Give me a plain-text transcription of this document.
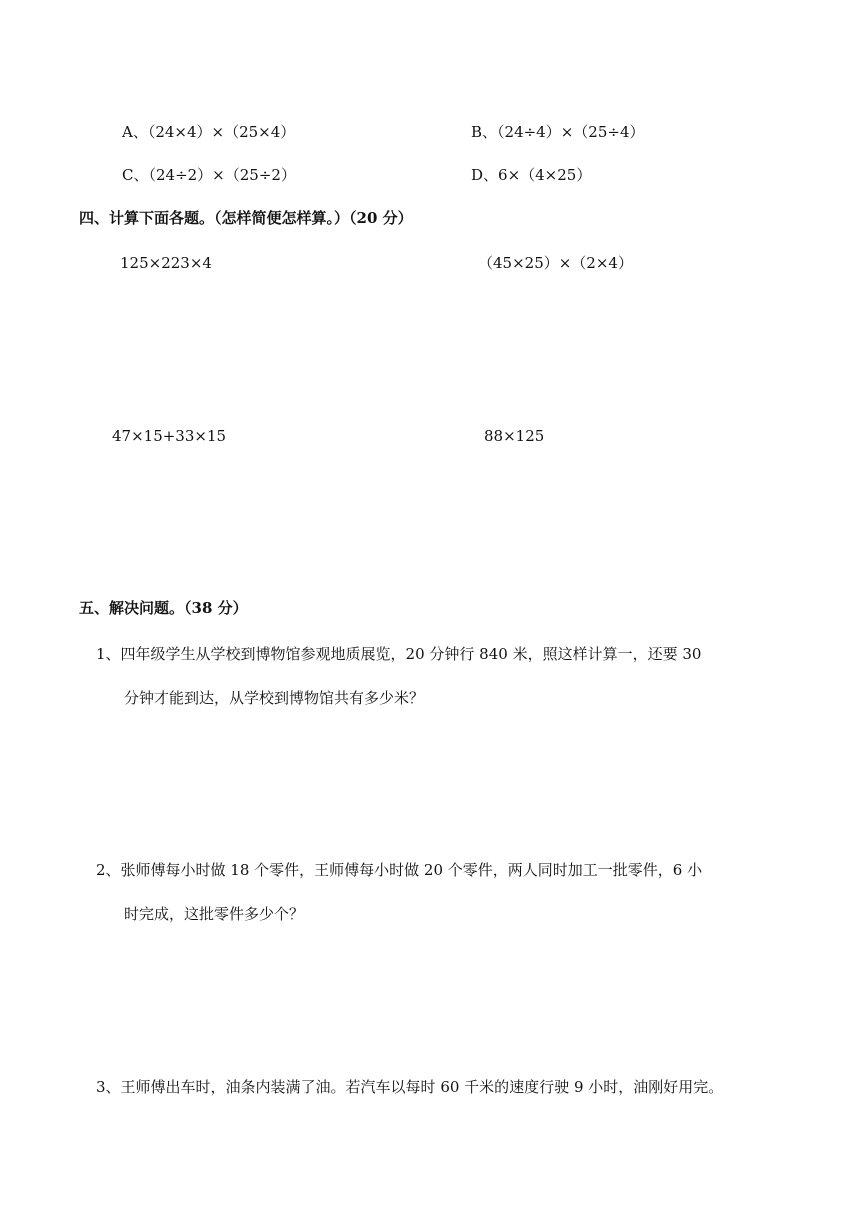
A、（24×4）×（25×4）	B、（24÷4）×（25÷4）
C、（24÷2）×（25÷2）	D、6×（4×25）
四、计算下面各题。（怎样简便怎样算。）（20 分）
125×223×4	（45×25）×（2×4）
47×15+33×15	88×125
五、解决问题。（38 分）
1、四年级学生从学校到博物馆参观地质展览，20 分钟行 840 米，照这样计算一，还要 30
分钟才能到达，从学校到博物馆共有多少米？
2、张师傅每小时做 18 个零件，王师傅每小时做 20 个零件，两人同时加工一批零件，6 小
时完成，这批零件多少个？
3、王师傅出车时，油条内装满了油。若汽车以每时 60 千米的速度行驶 9 小时，油刚好用完。
